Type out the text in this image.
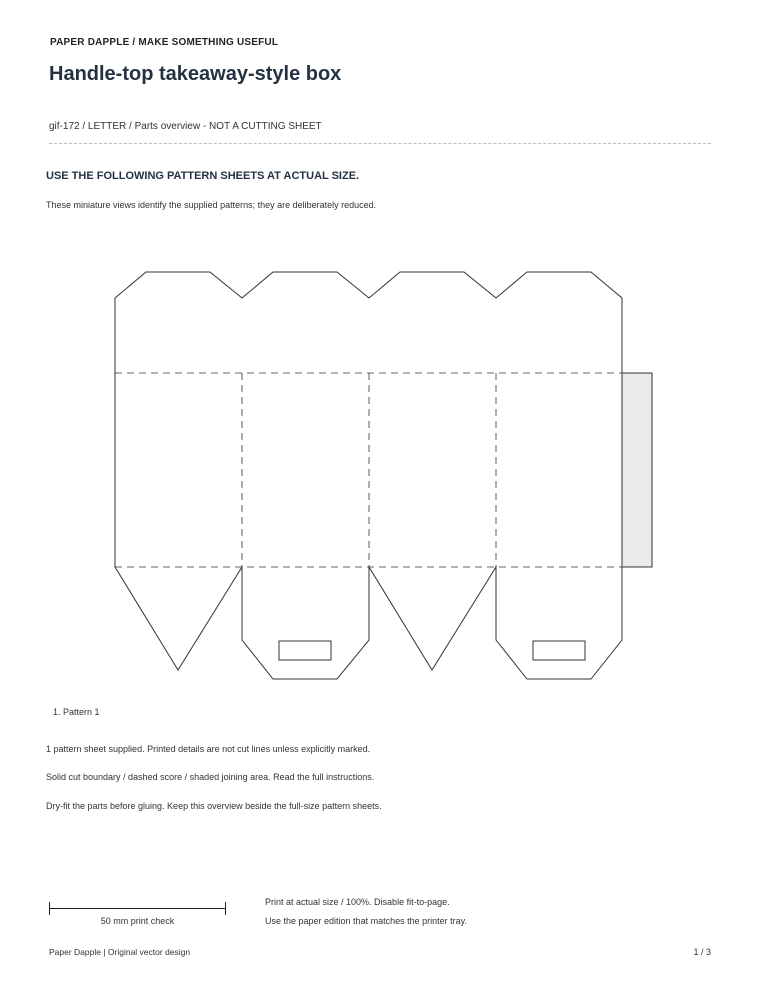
PAPER DAPPLE / MAKE SOMETHING USEFUL
Handle-top takeaway-style box
gif-172 / LETTER / Parts overview - NOT A CUTTING SHEET
USE THE FOLLOWING PATTERN SHEETS AT ACTUAL SIZE.
These miniature views identify the supplied patterns; they are deliberately reduced.
1. Pattern 1
1 pattern sheet supplied. Printed details are not cut lines unless explicitly marked.
Solid cut boundary / dashed score / shaded joining area. Read the full instructions.
Dry-fit the parts before gluing. Keep this overview beside the full-size pattern sheets.
50 mm print check
Print at actual size / 100%. Disable fit-to-page.
Use the paper edition that matches the printer tray.
Paper Dapple | Original vector design	1 / 3
